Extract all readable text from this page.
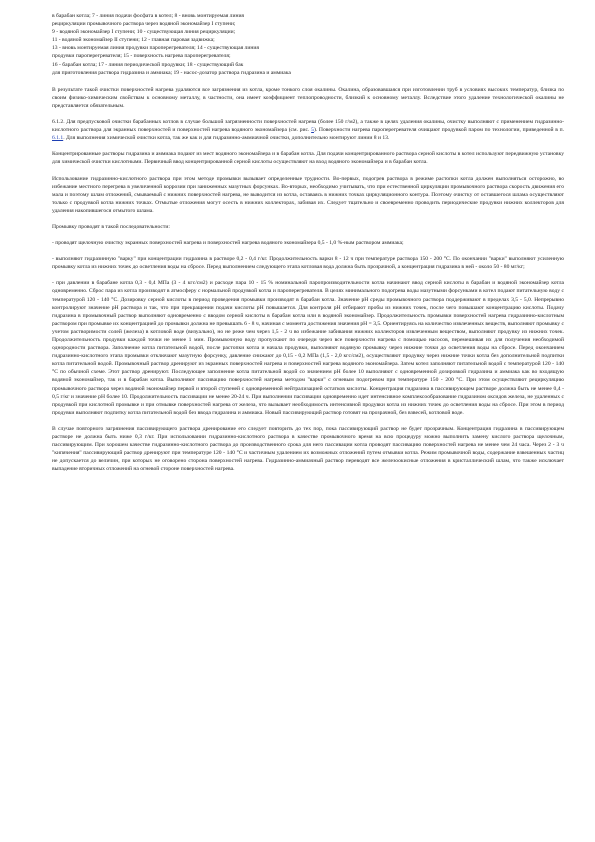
в барабан котла; 7 - линия подачи фосфата в котел; 8 - вновь монтируемая линия
рециркуляции промывочного раствора через водяной экономайзер I ступени;
9 - водяной экономайзер I ступени; 10 - существующая линия рециркуляции;
11 - водяной экономайзер II ступени; 12 - главная паровая задвижка;
13 - вновь монтируемая линия продувки пароперегревателя; 14 - существующая линия
продувки пароперегревателя; 15 - поверхность нагрева пароперегревателя;
16 - барабан котла; 17 - линия периодической продувки; 18 - существующий бак
для приготовления раствора гидразина и аммиака; 19 - насос-дозатор раствора гидразина и аммиака

В результате такой очистки поверхностей нагрева удаляются все загрязнения из котла, кроме тонкого слоя окалины. Окалина, образовавшаяся при изготовлении труб в условиях высоких температур, близка по своим физико-химическим свойствам к основному металлу, в частности, она имеет коэффициент теплопроводности, близкий к основному металлу. Вследствие этого удаление технологической окалины не представляется обязательным.

6.1.2. Для предпусковой очистки барабанных котлов в случае большой загрязненности поверхностей нагрева (более 150 г/м2), а также в целях удаления окалины, очистку выполняют с применением гидразинно-кислотного раствора для экранных поверхностей и поверхностей нагрева водяного экономайзера (см. рис. 5). Поверхности нагрева пароперегревателя очищают продувкой паром по технологии, приведенной в п. 6.1.1. Для выполнения химической очистки котла, так же как и для гидразинно-аммиачной очистки, дополнительно монтируют линии 8 и 13.

Концентрированные растворы гидразина и аммиака подают из мест водяного экономайзера и в барабан котла. Для подачи концентрированного раствора серной кислоты в котел используют передвижную установку для химической очистки кислотными. Первичный ввод концентрированной серной кислоты осуществляют на вход водяного экономайзера и в барабан котла.

Использование гидразинно-кислотного раствора при этом методе промывки вызывает определенные трудности. Во-первых, подогрев раствора в режиме растопки котла должен выполняться осторожно, во избежание местного перегрева в увеличенной коррозии при заниженных мазутных форсунках. Во-вторых, необходимо учитывать, что при естественной циркуляции промывочного раствора скорость движения его мала и поэтому шлам отложений, смываемый с нижних поверхностей нагрева, не выводится из котла, оставаясь в нижних точках циркуляционного контура. Поэтому очистку от оставшегося шлама осуществляют только с продувкой котла нижних точках. Отмытые отложения могут осесть в нижних коллекторах, забивая их. Следует тщательно и своевременно проводить периодические продувки нижних коллекторов для удаления накопившегося отмытого шлама.

Промывку проводят в такой последовательности:

- проводят щелочную очистку экранных поверхностей нагрева и поверхностей нагрева водяного экономайзера 0,5 - 1,0 %-ным раствором аммиака;

- выполняют гидразинную "варку" при концентрации гидразина в растворе 0,2 - 0,4 г/кг. Продолжительность варки 8 - 12 ч при температуре раствора 150 - 200 °С. По окончании "варки" выполняют усиленную промывку котла из нижних точек до осветления воды на сбросе. Перед выполнением следующего этапа котловая вода должна быть прозрачной, а концентрация гидразина в ней - около 50 - 80 мг/кг;

- при давлении в барабане котла 0,3 - 0,4 МПа (3 - 4 кгс/см2) и расходе пара 10 - 15 % номинальной паропроизводительности котла начинают ввод серной кислоты в барабан и водяной экономайзер котла одновременно. Сброс пара из котла производят в атмосферу с нормальной продувкой котла и пароперегревателя. В целях минимального подогрева воды мазутными форсунками в котел подают питательную воду с температурой 120 - 140 °С. Дозировку серной кислоты в период проведения промывки производят в барабан котла. Значение рН среды промывочного раствора поддерживают в пределах 3,5 - 5,0. Непрерывно контролируют значение рН раствора и так, что при прекращении подачи кислоты рН повышается. Для контроля рН отбирают пробы из нижних точек, после чего повышают концентрацию кислоты. Подачу гидразина в промывочный раствор выполняют одновременно с вводом серной кислоты в барабан котла или в водяной экономайзер. Продолжительность промывки поверхностей нагрева гидразинно-кислотным раствором при промывке их концентрацией до промывки должна не превышать 6 - 8 ч, начиная с момента достижения значения рН = 3,5. Ориентируясь на количество извлеченных веществ, выполняют промывку с учетом растворимости солей (железа) в котловой воде (визуально), но не реже чем через 1,5 - 2 ч во избежание забивания нижних коллекторов извлеченным веществом, выполняют продувку из нижних точек. Продолжительность продувки каждой точки не менее 1 мин. Промывочную воду пропускают по очереди через все поверхности нагрева с помощью насосов, перемешивая их для получения необходимой однородности раствора. Заполнение котла питательной водой, после растопки котла и начала продувки, выполняют водяную промывку через нижние точки до осветления воды на сбросе. Перед окончанием гидразинно-кислотного этапа промывки отключают мазутную форсунку, давление снижают до 0,15 - 0,2 МПа (1,5 - 2,0 кгс/см2), осуществляют продувку через нижние точки котла без дополнительной подпитки котла питательной водой. Промывочный раствор дренируют из экранных поверхностей нагрева и поверхностей нагрева водяного экономайзера. Затем котел заполняют питательной водой с температурой 120 - 140 °С по обычной схеме. Этот раствор дренируют. Последующее заполнение котла питательной водой со значением рН более 10 выполняют с одновременной дозировкой гидразина и аммиака как во входящую водяной экономайзер, так и в барабан котла. Выполняют пассивацию поверхностей нагрева методом "варки" с огневым подогревом при температуре 150 - 200 °С. При этом осуществляют рециркуляцию промывочного раствора через водяной экономайзер первой и второй ступеней с одновременной нейтрализацией остатков кислоты. Концентрация гидразина в пассивирующем растворе должна быть не менее 0,4 - 0,5 г/кг и значение рН более 10. Продолжительность пассивации не менее 20-24 ч. При выполнении пассивации одновременно идет интенсивное комплексообразование гидразином оксидов железа, не удаленных с продувкой при кислотной промывке и при отмывке поверхностей нагрева от железа, что вызывает необходимость интенсивной продувки котла из нижних точек до осветления воды на сбросе. При этом в период продувки выполняют подпитку котла питательной водой без ввода гидразина и аммиака. Новый пассивирующий раствор готовят на прозрачной, без взвесей, котловой воде.

В случае повторного загрязнения пассивирующего раствора дренирование его следует повторить до тех пор, пока пассивирующий раствор не будет прозрачным. Концентрация гидразина в пассивирующем растворе не должна быть ниже 0,3 г/кг. При использовании гидразинно-кислотного раствора в качестве промывочного время на всю процедуру можно выполнить замену кислого раствора щелочным, пассивирующим. При хорошем качестве гидразинно-кислотного раствора до производственного срока для него пассивации котла проводят пассивацию поверхностей нагрева не менее чем 24 часа. Через 2 - 3 ч "кипячения" пассивирующий раствор дренируют при температуре 120 - 140 °С и частичным удалением их возможных отложений путем отмывки котла. Режим промывочной воды, содержание взвешенных частиц не допускается до величин, при которых не оговорено сторона поверхностей нагрева. Гидразинно-аммиачный раствор переводят все железоокисные отложения в кристаллический шлам, что также исключает выпадение вторичных отложений на огневой стороне поверхностей нагрева.
